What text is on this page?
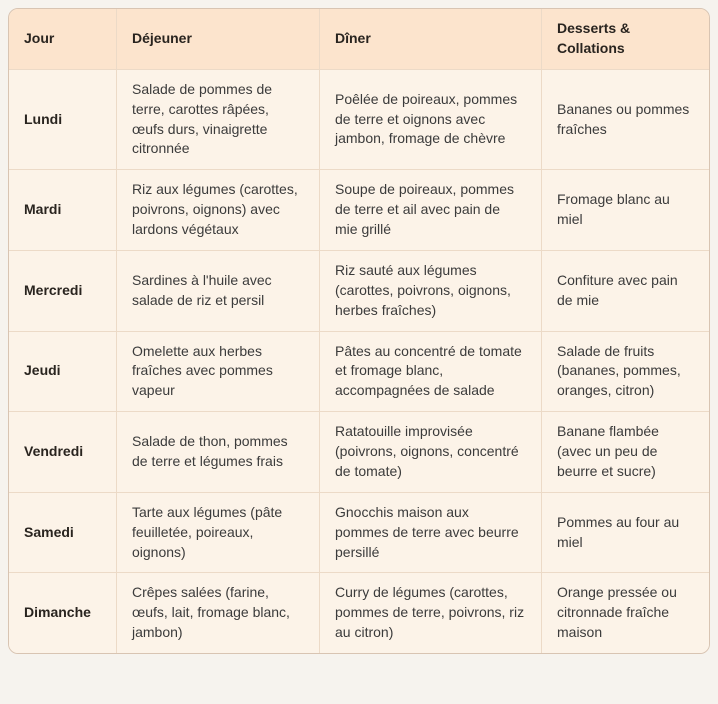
Jour	Déjeuner	Dîner	Desserts & Collations
Lundi	Salade de pommes de terre, carottes râpées, œufs durs, vinaigrette citronnée	Poêlée de poireaux, pommes de terre et oignons avec jambon, fromage de chèvre	Bananes ou pommes fraîches
Mardi	Riz aux légumes (carottes, poivrons, oignons) avec lardons végétaux	Soupe de poireaux, pommes de terre et ail avec pain de mie grillé	Fromage blanc au miel
Mercredi	Sardines à l'huile avec salade de riz et persil	Riz sauté aux légumes (carottes, poivrons, oignons, herbes fraîches)	Confiture avec pain de mie
Jeudi	Omelette aux herbes fraîches avec pommes vapeur	Pâtes au concentré de tomate et fromage blanc, accompagnées de salade	Salade de fruits (bananes, pommes, oranges, citron)
Vendredi	Salade de thon, pommes de terre et légumes frais	Ratatouille improvisée (poivrons, oignons, concentré de tomate)	Banane flambée (avec un peu de beurre et sucre)
Samedi	Tarte aux légumes (pâte feuilletée, poireaux, oignons)	Gnocchis maison aux pommes de terre avec beurre persillé	Pommes au four au miel
Dimanche	Crêpes salées (farine, œufs, lait, fromage blanc, jambon)	Curry de légumes (carottes, pommes de terre, poivrons, riz au citron)	Orange pressée ou citronnade fraîche maison
